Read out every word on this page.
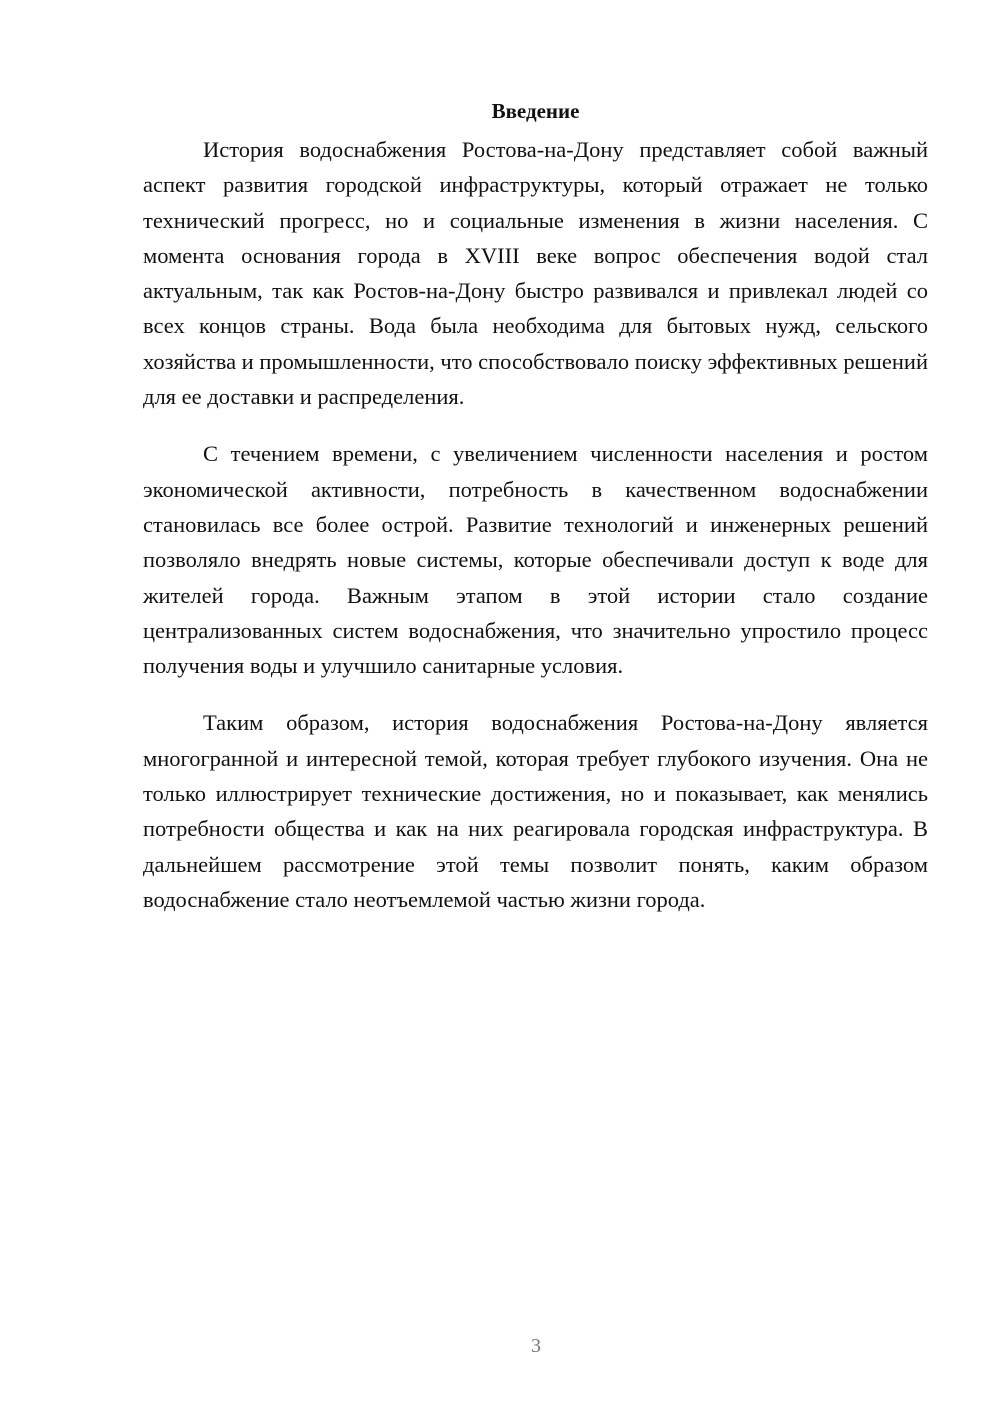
Введение

История водоснабжения Ростова-на-Дону представляет собой важный аспект развития городской инфраструктуры, который отражает не только технический прогресс, но и социальные изменения в жизни населения. С момента основания города в XVIII веке вопрос обеспечения водой стал актуальным, так как Ростов-на-Дону быстро развивался и привлекал людей со всех концов страны. Вода была необходима для бытовых нужд, сельского хозяйства и промышленности, что способствовало поиску эффективных решений для ее доставки и распределения.

С течением времени, с увеличением численности населения и ростом экономической активности, потребность в качественном водоснабжении становилась все более острой. Развитие технологий и инженерных решений позволяло внедрять новые системы, которые обеспечивали доступ к воде для жителей города. Важным этапом в этой истории стало создание централизованных систем водоснабжения, что значительно упростило процесс получения воды и улучшило санитарные условия.

Таким образом, история водоснабжения Ростова-на-Дону является многогранной и интересной темой, которая требует глубокого изучения. Она не только иллюстрирует технические достижения, но и показывает, как менялись потребности общества и как на них реагировала городская инфраструктура. В дальнейшем рассмотрение этой темы позволит понять, каким образом водоснабжение стало неотъемлемой частью жизни города.

3
